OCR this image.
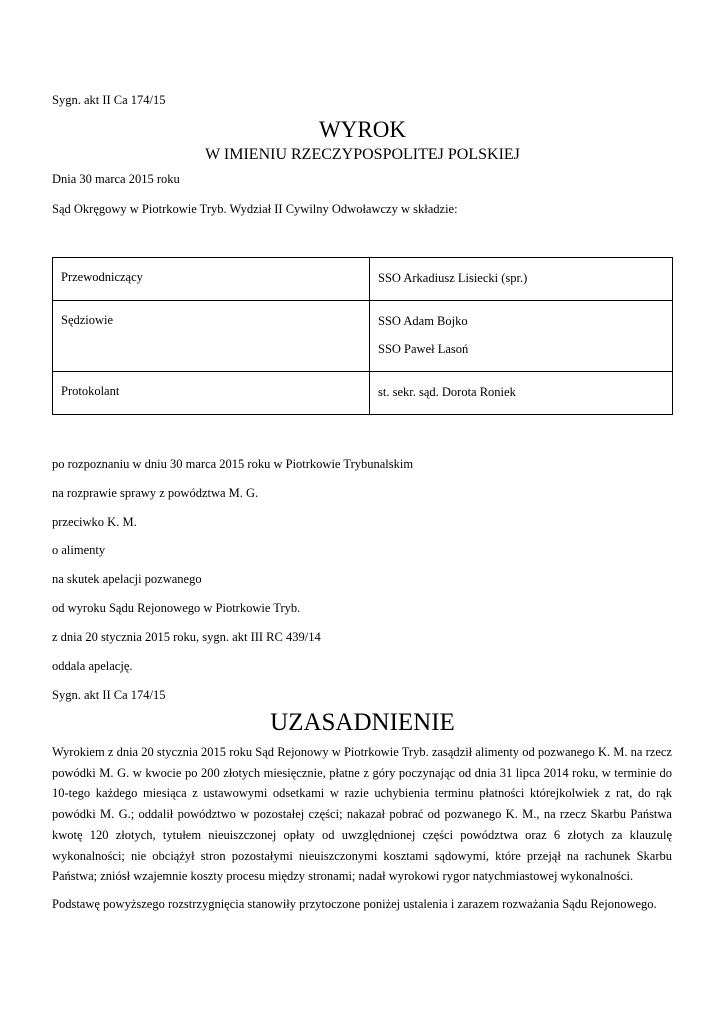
Sygn. akt II Ca 174/15
WYROK
W IMIENIU RZECZYPOSPOLITEJ POLSKIEJ
Dnia 30 marca 2015 roku
Sąd Okręgowy w Piotrkowie Tryb. Wydział II Cywilny Odwoławczy w składzie:
Przewodniczący	SSO Arkadiusz Lisiecki (spr.)

Sędziowie	SSO Adam Bojko
SSO Paweł Lasoń

Protokolant	st. sekr. sąd. Dorota Roniek
po rozpoznaniu w dniu 30 marca 2015 roku w Piotrkowie Trybunalskim
na rozprawie sprawy z powództwa M. G.
przeciwko K. M.
o alimenty
na skutek apelacji pozwanego
od wyroku Sądu Rejonowego w Piotrkowie Tryb.
z dnia 20 stycznia 2015 roku, sygn. akt III RC 439/14
oddala apelację.
Sygn. akt II Ca 174/15
UZASADNIENIE
Wyrokiem z dnia 20 stycznia 2015 roku Sąd Rejonowy w Piotrkowie Tryb. zasądził alimenty od pozwanego K. M. na rzecz powódki M. G. w kwocie po 200 złotych miesięcznie, płatne z góry poczynając od dnia 31 lipca 2014 roku, w terminie do 10-tego każdego miesiąca z ustawowymi odsetkami w razie uchybienia terminu płatności którejkolwiek z rat, do rąk powódki M. G.; oddalił powództwo w pozostałej części; nakazał pobrać od pozwanego K. M., na rzecz Skarbu Państwa kwotę 120 złotych, tytułem nieuiszczonej opłaty od uwzględnionej części powództwa oraz 6 złotych za klauzulę wykonalności; nie obciążył stron pozostałymi nieuiszczonymi kosztami sądowymi, które przejął na rachunek Skarbu Państwa; zniósł wzajemnie koszty procesu między stronami; nadał wyrokowi rygor natychmiastowej wykonalności.
Podstawę powyższego rozstrzygnięcia stanowiły przytoczone poniżej ustalenia i zarazem rozważania Sądu Rejonowego.
